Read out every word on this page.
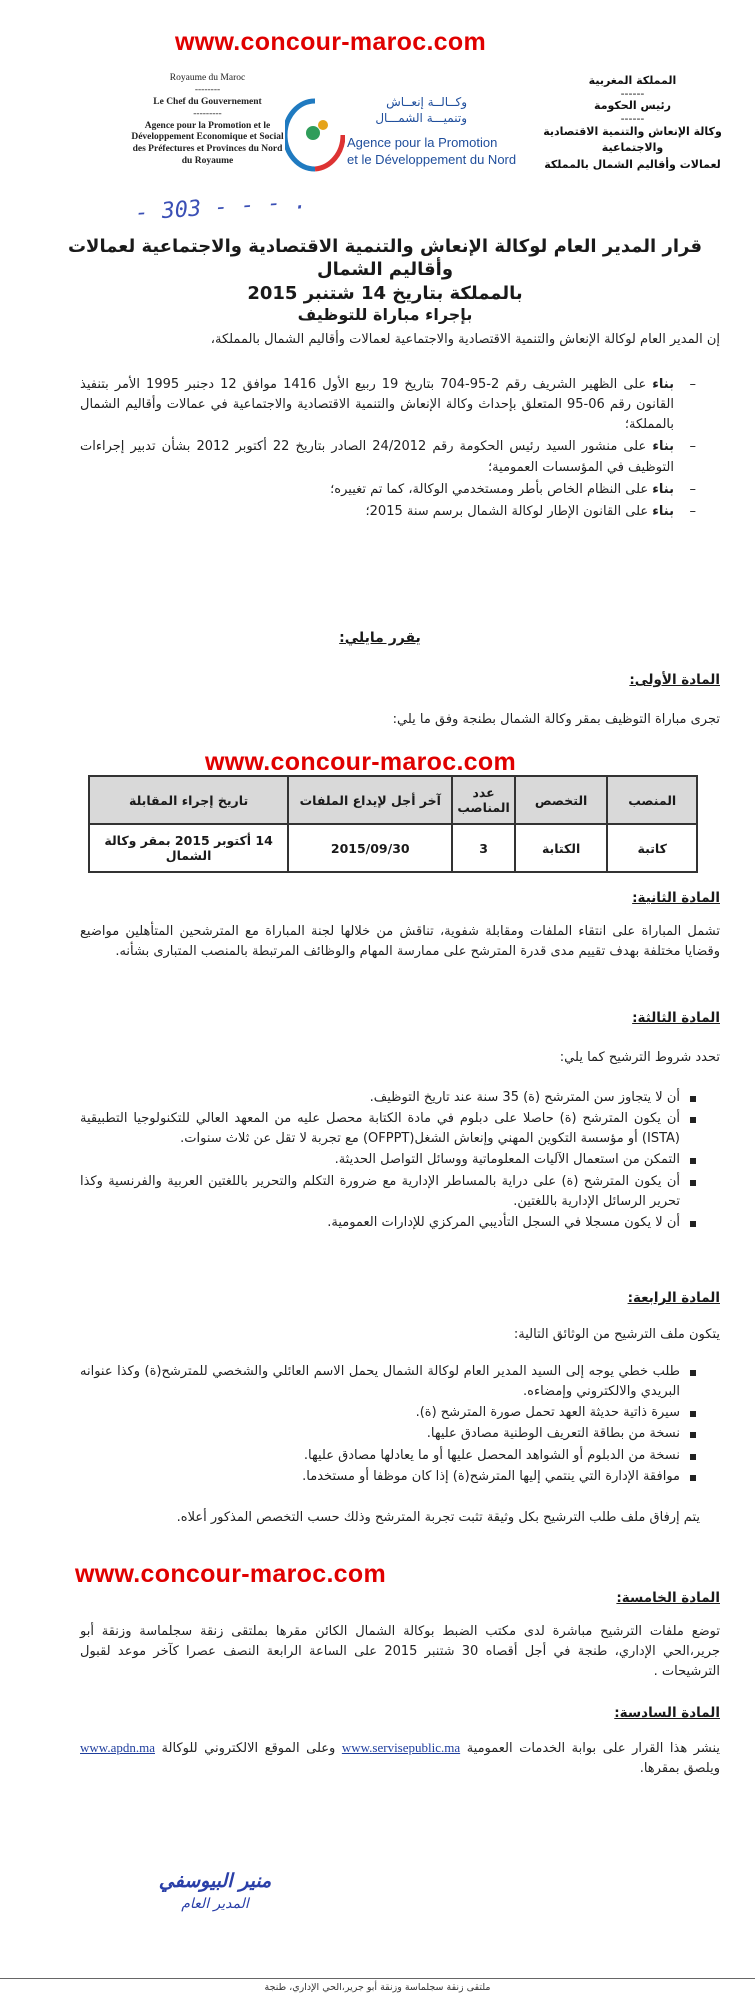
www.concour-maroc.com
www.concour-maroc.com
www.concour-maroc.com
Royaume du Maroc
--------
Le Chef du Gouvernement
---------
Agence pour la Promotion et le
Développement Economique et Social
des Préfectures et Provinces du Nord
du Royaume
وكــالــة إنعــاش
وتنميـــة الشمـــال
Agence pour la Promotion
et le Développement du Nord
المملكة المغربية
------
رئيس الحكومة
------
وكالة الإنعاش والتنمية الاقتصادية
والاجتماعية
لعمالات وأقاليم الشمال بالمملكة
- 303 - - - .
قرار المدير العام لوكالة الإنعاش والتنمية الاقتصادية والاجتماعية لعمالات وأقاليم الشمال
بالمملكة بتاريخ 14 شتنبر 2015
بإجراء مباراة للتوظيف
إن المدير العام لوكالة الإنعاش والتنمية الاقتصادية والاجتماعية لعمالات وأقاليم الشمال بالمملكة،
– بناء على الظهير الشريف رقم 2-95-704 بتاريخ 19 ربيع الأول 1416 موافق 12 دجنبر 1995 الأمر بتنفيذ القانون رقم 06-95 المتعلق بإحداث وكالة الإنعاش والتنمية الاقتصادية والاجتماعية في عمالات وأقاليم الشمال بالمملكة؛
– بناء على منشور السيد رئيس الحكومة رقم 24/2012 الصادر بتاريخ 22 أكتوبر 2012 بشأن تدبير إجراءات التوظيف في المؤسسات العمومية؛
– بناء على النظام الخاص بأطر ومستخدمي الوكالة، كما تم تغييره؛
– بناء على القانون الإطار لوكالة الشمال برسم سنة 2015؛
يقرر مايلي:
المادة الأولى:
تجرى مباراة التوظيف بمقر وكالة الشمال بطنجة وفق ما يلي:
المنصب	التخصص	عدد المناصب	آخر أجل لإيداع الملفات	تاريخ إجراء المقابلة
كاتبة	الكتابة	3	2015/09/30	14 أكتوبر 2015 بمقر وكالة الشمال
المادة الثانية:
تشمل المباراة على انتقاء الملفات ومقابلة شفوية، تناقش من خلالها لجنة المباراة مع المترشحين المتأهلين مواضيع وقضايا مختلفة بهدف تقييم مدى قدرة المترشح على ممارسة المهام والوظائف المرتبطة بالمنصب المتبارى بشأنه.
المادة الثالثة:
تحدد شروط الترشيح كما يلي:
أن لا يتجاوز سن المترشح (ة) 35 سنة عند تاريخ التوظيف.
أن يكون المترشح (ة) حاصلا على دبلوم في مادة الكتابة محصل عليه من المعهد العالي للتكنولوجيا التطبيقية (ISTA) أو مؤسسة التكوين المهني وإنعاش الشغل(OFPPT) مع تجربة لا تقل عن ثلاث سنوات.
التمكن من استعمال الآليات المعلوماتية ووسائل التواصل الحديثة.
أن يكون المترشح (ة) على دراية بالمساطر الإدارية مع ضرورة التكلم والتحرير باللغتين العربية والفرنسية وكذا تحرير الرسائل الإدارية باللغتين.
أن لا يكون مسجلا في السجل التأديبي المركزي للإدارات العمومية.
المادة الرابعة:
يتكون ملف الترشيح من الوثائق التالية:
طلب خطي يوجه إلى السيد المدير العام لوكالة الشمال يحمل الاسم العائلي والشخصي للمترشح(ة) وكذا عنوانه البريدي والالكتروني وإمضاءه.
سيرة ذاتية حديثة العهد تحمل صورة المترشح (ة).
نسخة من بطاقة التعريف الوطنية مصادق عليها.
نسخة من الدبلوم أو الشواهد المحصل عليها أو ما يعادلها مصادق عليها.
موافقة الإدارة التي ينتمي إليها المترشح(ة) إذا كان موظفا أو مستخدما.
يتم إرفاق ملف طلب الترشيح بكل وثيقة تثبت تجربة المترشح وذلك حسب التخصص المذكور أعلاه.
المادة الخامسة:
توضع ملفات الترشيح مباشرة لدى مكتب الضبط بوكالة الشمال الكائن مقرها بملتقى زنقة سجلماسة وزنقة أبو جرير،الحي الإداري، طنجة في أجل أقصاه 30 شتنبر 2015 على الساعة الرابعة النصف عصرا كآخر موعد لقبول الترشيحات .
المادة السادسة:
ينشر هذا القرار على بوابة الخدمات العمومية www.servisepublic.ma وعلى الموقع الالكتروني للوكالة www.apdn.ma ويلصق بمقرها.
منير البيوسفي
المدير العام
ملتقى زنقة سجلماسة وزنقة أبو جرير،الحي الإداري، طنجة
